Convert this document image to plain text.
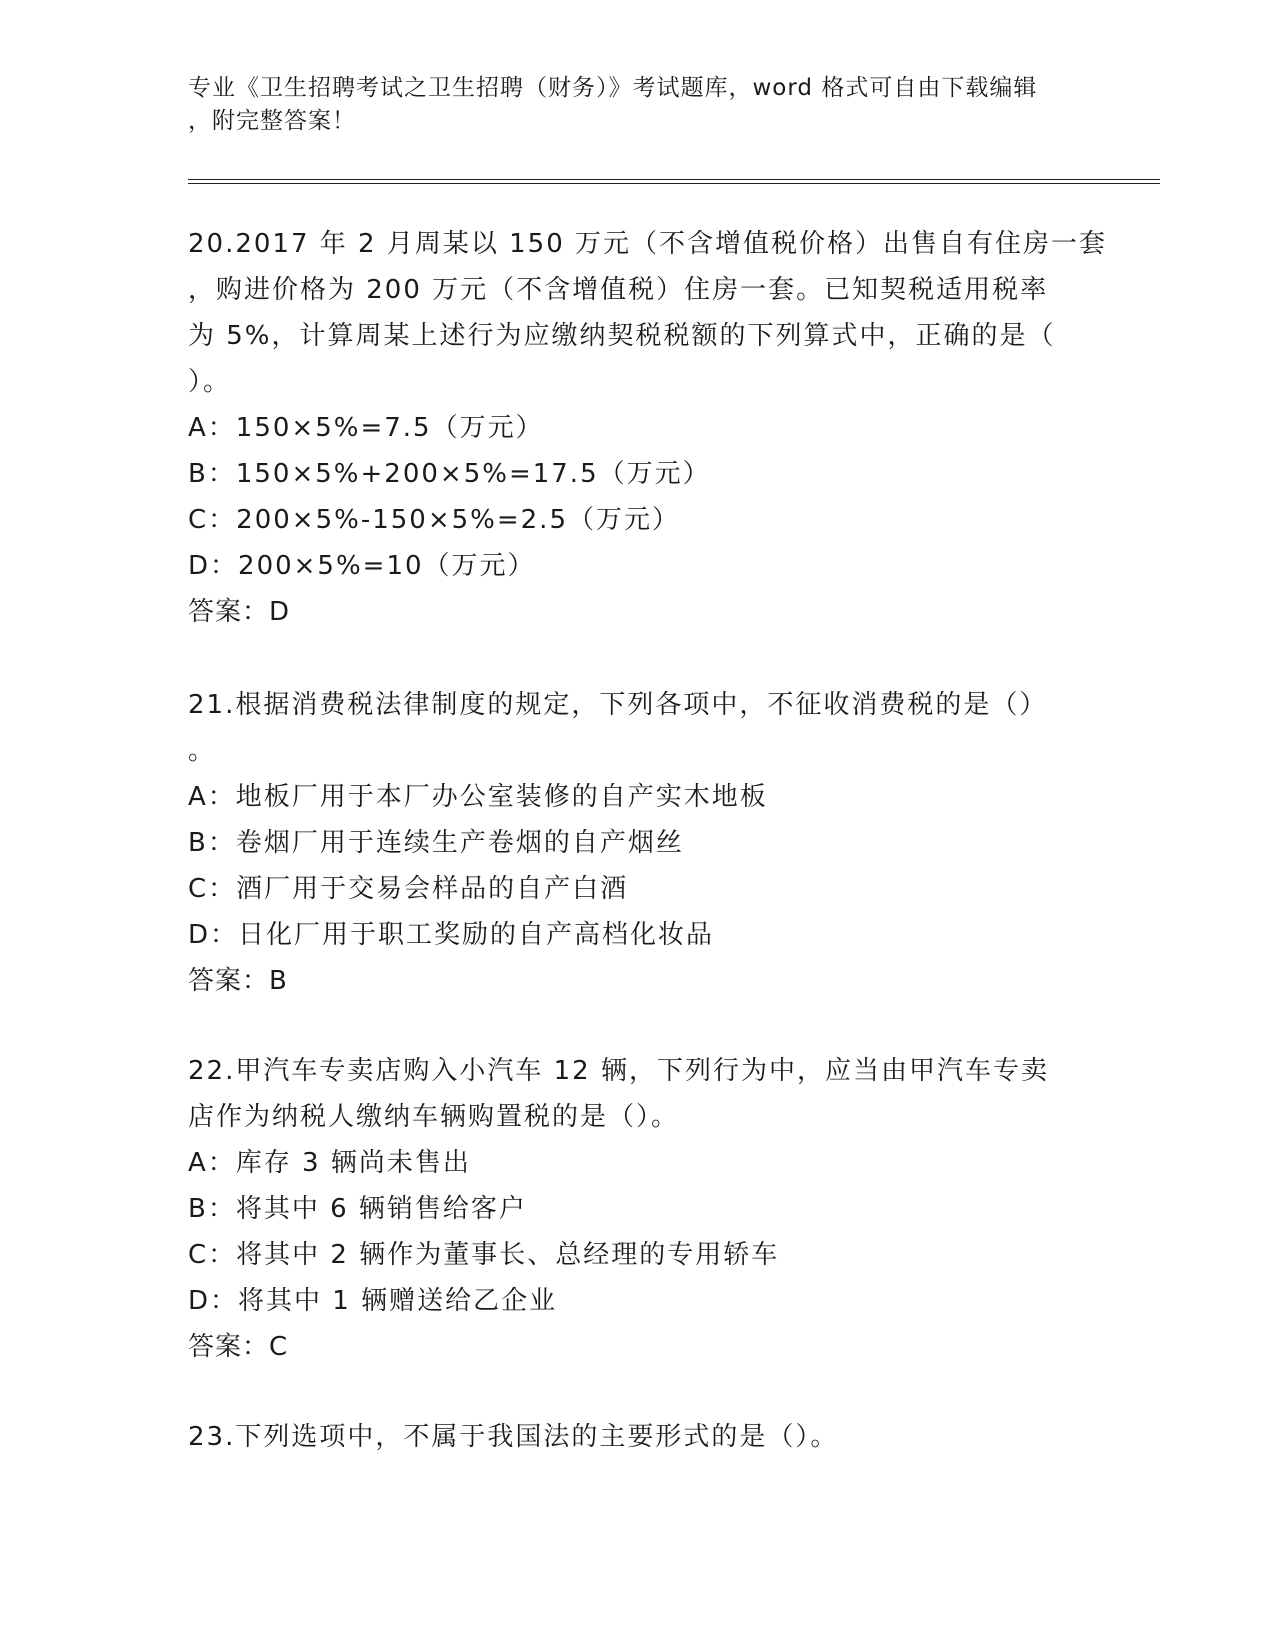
专业《卫生招聘考试之卫生招聘（财务）》考试题库，word 格式可自由下载编辑
，附完整答案！
20.2017 年 2 月周某以 150 万元（不含增值税价格）出售自有住房一套
，购进价格为 200 万元（不含增值税）住房一套。已知契税适用税率
为 5%，计算周某上述行为应缴纳契税税额的下列算式中，正确的是（
）。
A：150×5%=7.5（万元）
B：150×5%+200×5%=17.5（万元）
C：200×5%-150×5%=2.5（万元）
D：200×5%=10（万元）
答案：D
21.根据消费税法律制度的规定，下列各项中，不征收消费税的是（）
。
A：地板厂用于本厂办公室装修的自产实木地板
B：卷烟厂用于连续生产卷烟的自产烟丝
C：酒厂用于交易会样品的自产白酒
D：日化厂用于职工奖励的自产高档化妆品
答案：B
22.甲汽车专卖店购入小汽车 12 辆，下列行为中，应当由甲汽车专卖
店作为纳税人缴纳车辆购置税的是（）。
A：库存 3 辆尚未售出
B：将其中 6 辆销售给客户
C：将其中 2 辆作为董事长、总经理的专用轿车
D：将其中 1 辆赠送给乙企业
答案：C
23.下列选项中，不属于我国法的主要形式的是（）。
